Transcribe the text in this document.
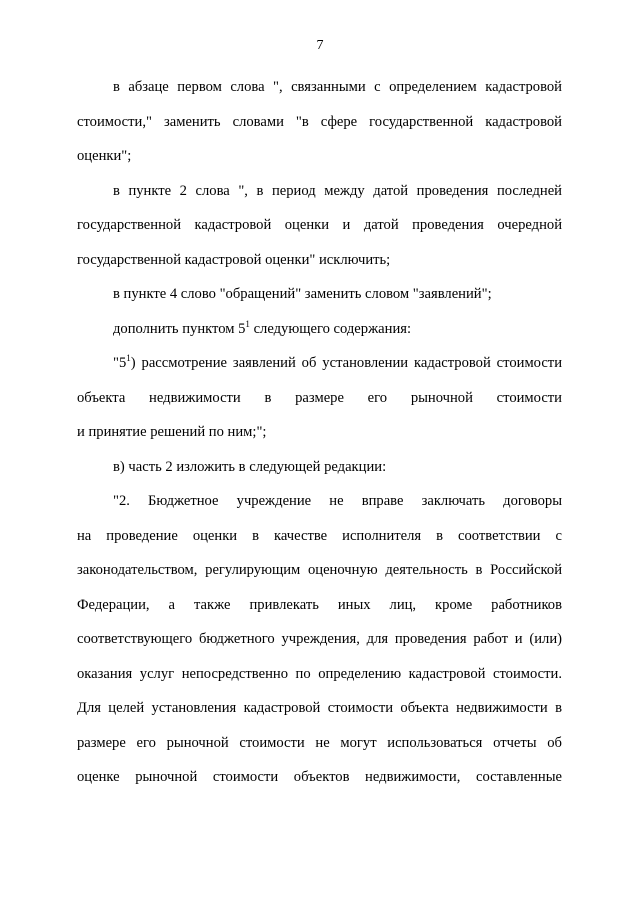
7
в абзаце первом слова ", связанными с определением кадастровой
стоимости," заменить словами "в сфере государственной кадастровой
оценки";
в пункте 2 слова ", в период между датой проведения последней
государственной кадастровой оценки и датой проведения очередной
государственной кадастровой оценки" исключить;
в пункте 4 слово "обращений" заменить словом "заявлений";
дополнить пунктом $5^1$ следующего содержания:
"$5^1$) рассмотрение заявлений об установлении кадастровой стоимости
объекта недвижимости в размере его рыночной стоимости
и принятие решений по ним;";
в) часть 2 изложить в следующей редакции:
"2. Бюджетное учреждение не вправе заключать договоры
на проведение оценки в качестве исполнителя в соответствии с
законодательством, регулирующим оценочную деятельность в Российской
Федерации, а также привлекать иных лиц, кроме работников
соответствующего бюджетного учреждения, для проведения работ и (или)
оказания услуг непосредственно по определению кадастровой стоимости.
Для целей установления кадастровой стоимости объекта недвижимости в
размере его рыночной стоимости не могут использоваться отчеты об
оценке рыночной стоимости объектов недвижимости, составленные
